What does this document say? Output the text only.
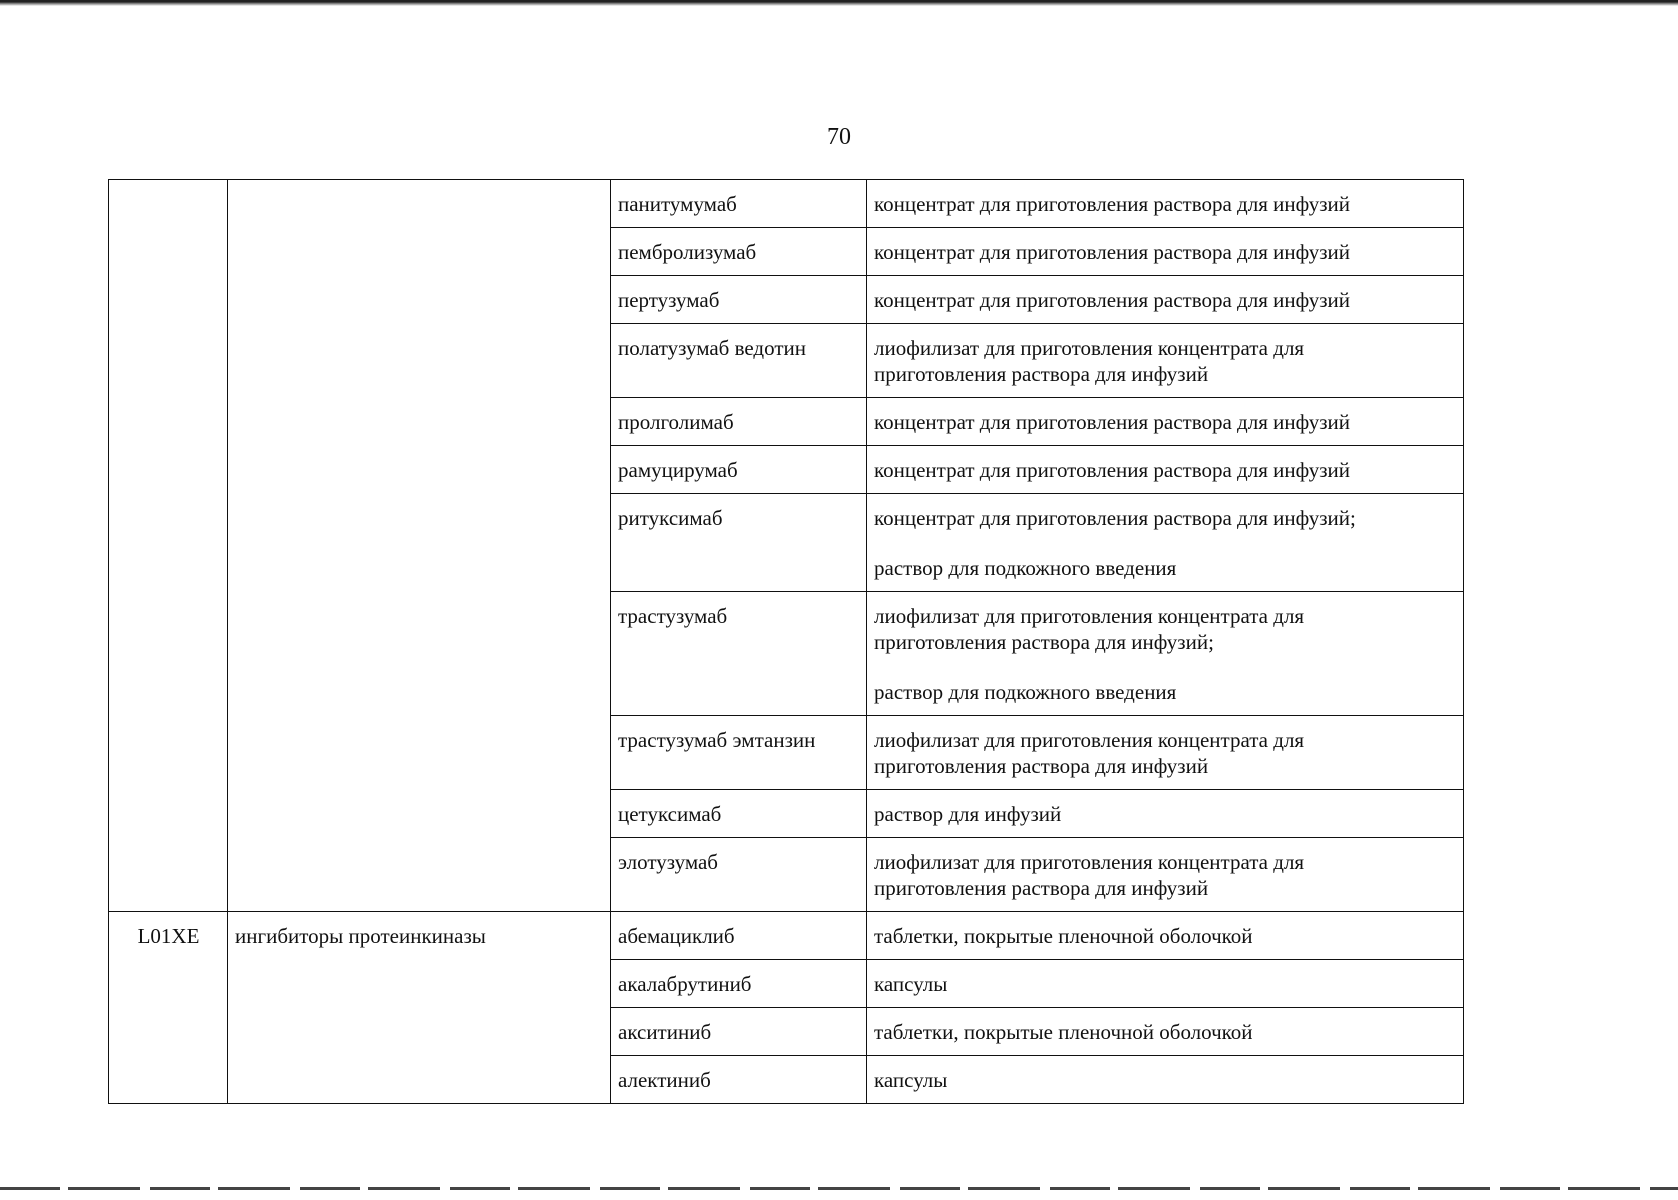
70
		панитумумаб	концентрат для приготовления раствора для инфузий

		пембролизумаб	концентрат для приготовления раствора для инфузий

		пертузумаб	концентрат для приготовления раствора для инфузий

		полатузумаб ведотин	лиофилизат для приготовления концентрата для
приготовления раствора для инфузий

		пролголимаб	концентрат для приготовления раствора для инфузий

		рамуцирумаб	концентрат для приготовления раствора для инфузий

		ритуксимаб	концентрат для приготовления раствора для инфузий;
раствор для подкожного введения

		трастузумаб	лиофилизат для приготовления концентрата для
приготовления раствора для инфузий;
раствор для подкожного введения

		трастузумаб эмтанзин	лиофилизат для приготовления концентрата для
приготовления раствора для инфузий

		цетуксимаб	раствор для инфузий

		элотузумаб	лиофилизат для приготовления концентрата для
приготовления раствора для инфузий

L01XE	ингибиторы протеинкиназы	абемациклиб	таблетки, покрытые пленочной оболочкой

		акалабрутиниб	капсулы

		акситиниб	таблетки, покрытые пленочной оболочкой

		алектиниб	капсулы
